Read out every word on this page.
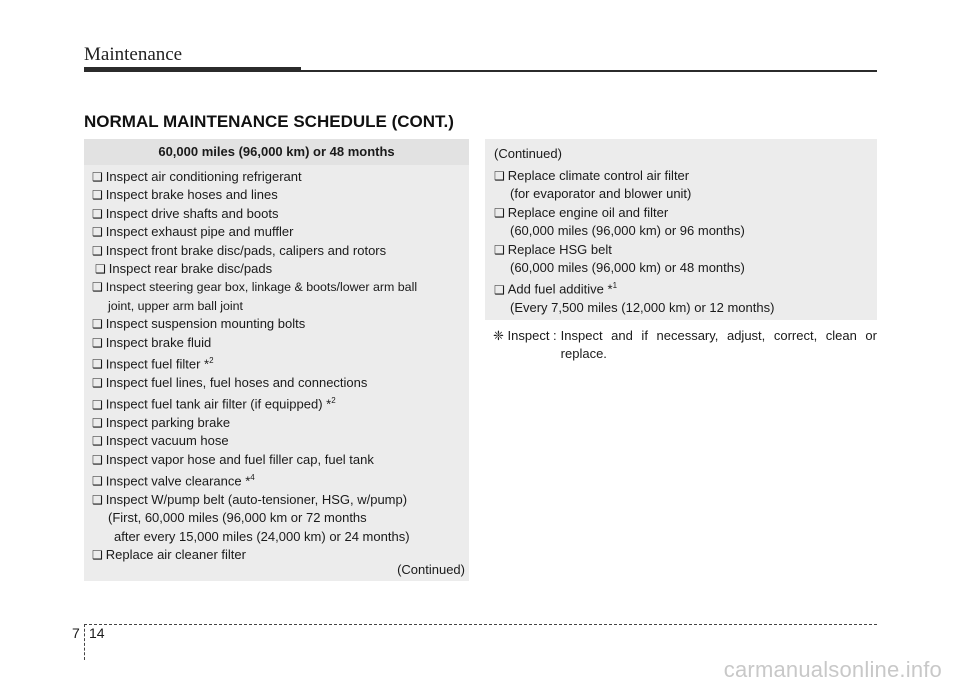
Maintenance
NORMAL MAINTENANCE SCHEDULE (CONT.)
60,000 miles (96,000 km) or 48 months
❑ Inspect air conditioning refrigerant
❑ Inspect brake hoses and lines
❑ Inspect drive shafts and boots
❑ Inspect exhaust pipe and muffler
❑ Inspect front brake disc/pads, calipers and rotors
❑ Inspect rear brake disc/pads
❑ Inspect steering gear box, linkage & boots/lower arm ball
joint, upper arm ball joint
❑ Inspect suspension mounting bolts
❑ Inspect brake fluid
❑ Inspect fuel filter *$^2$
❑ Inspect fuel lines, fuel hoses and connections
❑ Inspect fuel tank air filter (if equipped) *$^2$
❑ Inspect parking brake
❑ Inspect vacuum hose
❑ Inspect vapor hose and fuel filler cap, fuel tank
❑ Inspect valve clearance *$^4$
❑ Inspect W/pump belt (auto-tensioner, HSG, w/pump)
(First, 60,000 miles (96,000 km or 72 months
after every 15,000 miles (24,000 km) or 24 months)
❑ Replace air cleaner filter
(Continued)
(Continued)
❑ Replace climate control air filter
(for evaporator and blower unit)
❑ Replace engine oil and filter
(60,000 miles (96,000 km) or 96 months)
❑ Replace HSG belt
(60,000 miles (96,000 km) or 48 months)
❑ Add fuel additive *$^1$
(Every 7,500 miles (12,000 km) or 12 months)
❈ Inspect : Inspect and if necessary, adjust, correct, clean or replace.
7 14
carmanualsonline.info
